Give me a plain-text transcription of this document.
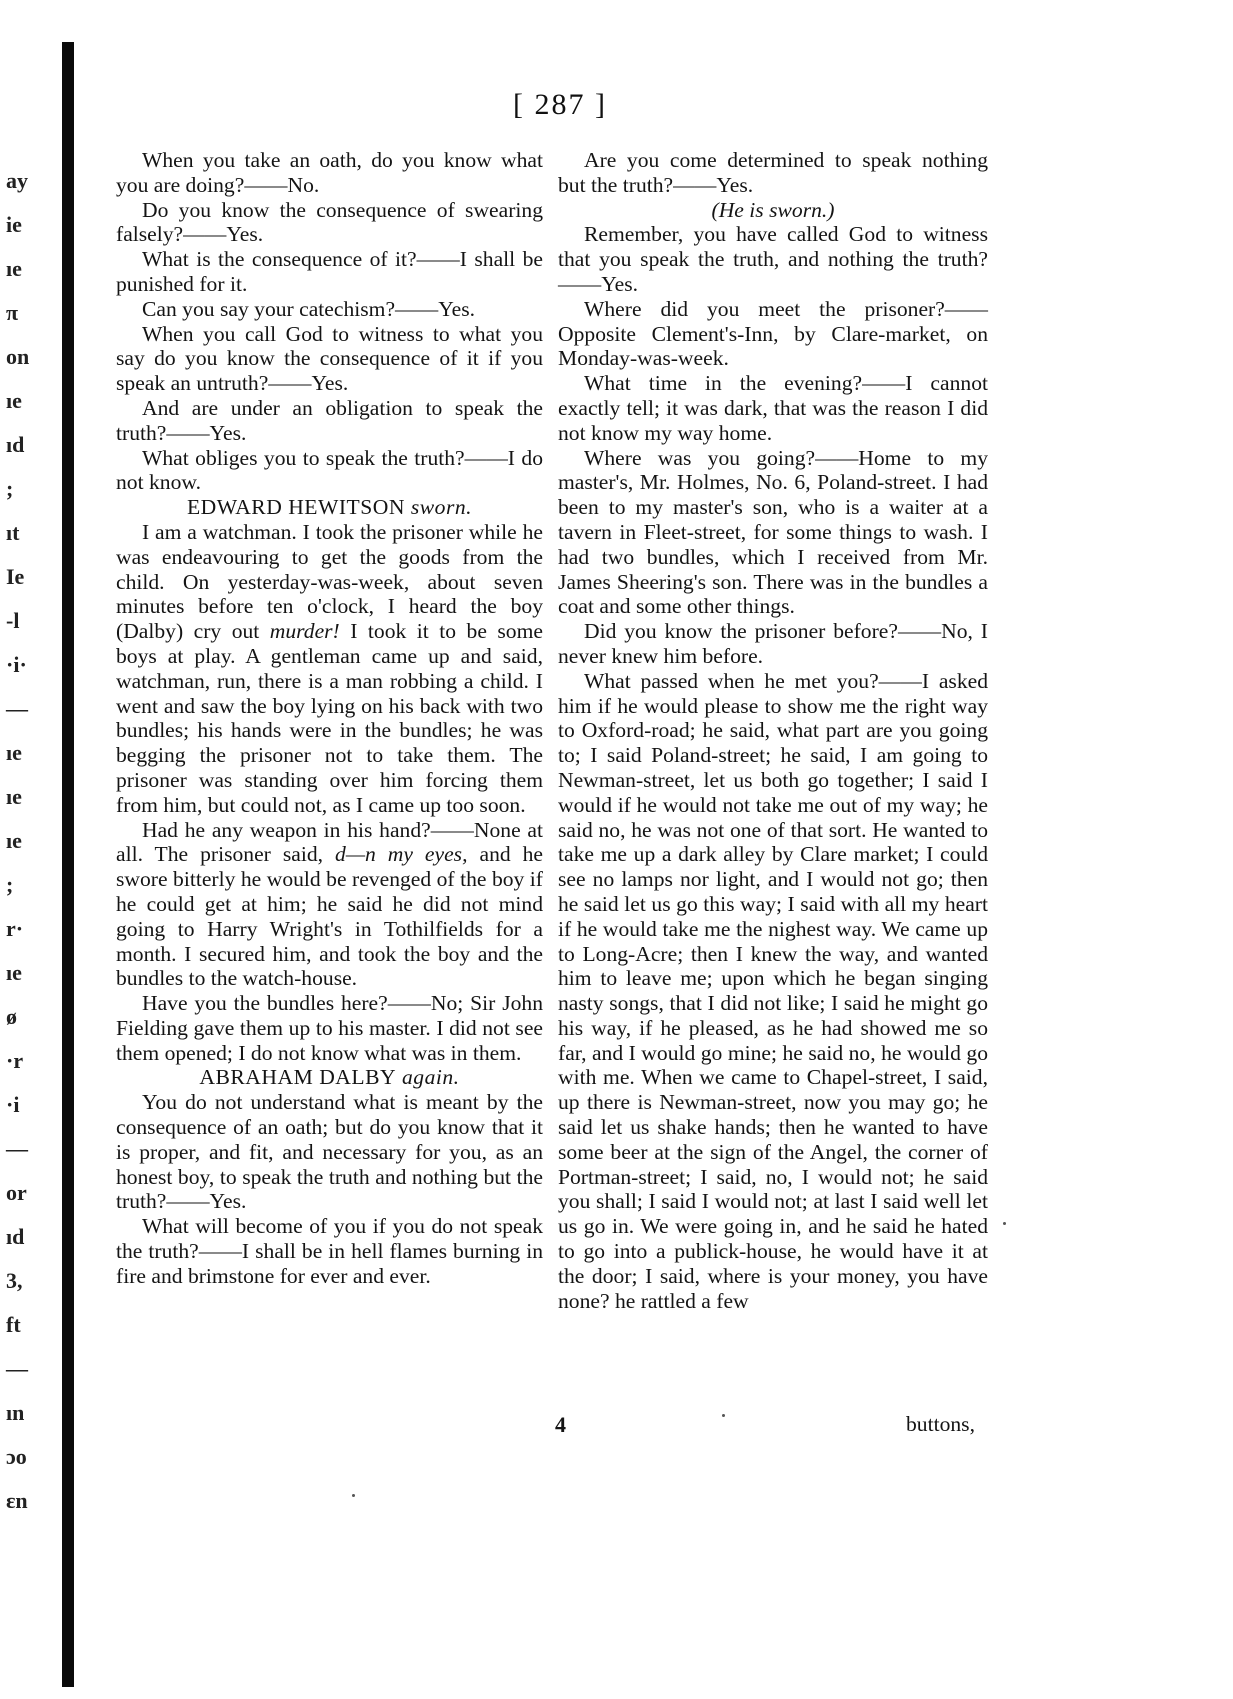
ay
ie
ıe
π
on
ıe
ıd
;
ıt
Ie
-l
·i·
—
ıe
ıe
ıe
;
r·
ıe
ø
·r
·i
—
or
ıd
3,
ft
—
ın
ɔo
ɛn
[ 287 ]

When you take an oath, do you know what you are doing?——No.

Do you know the consequence of swearing falsely?——Yes.

What is the consequence of it?——I shall be punished for it.

Can you say your catechism?——Yes.

When you call God to witness to what you say do you know the consequence of it if you speak an untruth?——Yes.

And are under an obligation to speak the truth?——Yes.

What obliges you to speak the truth?——I do not know.

EDWARD HEWITSON sworn.

I am a watchman. I took the prisoner while he was endeavouring to get the goods from the child. On yesterday-was-week, about seven minutes before ten o'clock, I heard the boy (Dalby) cry out murder! I took it to be some boys at play. A gentleman came up and said, watchman, run, there is a man robbing a child. I went and saw the boy lying on his back with two bundles; his hands were in the bundles; he was begging the prisoner not to take them. The prisoner was standing over him forcing them from him, but could not, as I came up too soon.

Had he any weapon in his hand?——None at all. The prisoner said, d—n my eyes, and he swore bitterly he would be revenged of the boy if he could get at him; he said he did not mind going to Harry Wright's in Tothilfields for a month. I secured him, and took the boy and the bundles to the watch-house.

Have you the bundles here?——No; Sir John Fielding gave them up to his master. I did not see them opened; I do not know what was in them.

ABRAHAM DALBY again.

You do not understand what is meant by the consequence of an oath; but do you know that it is proper, and fit, and necessary for you, as an honest boy, to speak the truth and nothing but the truth?——Yes.

What will become of you if you do not speak the truth?——I shall be in hell flames burning in fire and brimstone for ever and ever.

Are you come determined to speak nothing but the truth?——Yes.

(He is sworn.)

Remember, you have called God to witness that you speak the truth, and nothing the truth?——Yes.

Where did you meet the prisoner?——Opposite Clement's-Inn, by Clare-market, on Monday-was-week.

What time in the evening?——I cannot exactly tell; it was dark, that was the reason I did not know my way home.

Where was you going?——Home to my master's, Mr. Holmes, No. 6, Poland-street. I had been to my master's son, who is a waiter at a tavern in Fleet-street, for some things to wash. I had two bundles, which I received from Mr. James Sheering's son. There was in the bundles a coat and some other things.

Did you know the prisoner before?——No, I never knew him before.

What passed when he met you?——I asked him if he would please to show me the right way to Oxford-road; he said, what part are you going to; I said Poland-street; he said, I am going to Newman-street, let us both go together; I said I would if he would not take me out of my way; he said no, he was not one of that sort. He wanted to take me up a dark alley by Clare market; I could see no lamps nor light, and I would not go; then he said let us go this way; I said with all my heart if he would take me the nighest way. We came up to Long-Acre; then I knew the way, and wanted him to leave me; upon which he began singing nasty songs, that I did not like; I said he might go his way, if he pleased, as he had showed me so far, and I would go mine; he said no, he would go with me. When we came to Chapel-street, I said, up there is Newman-street, now you may go; he said let us shake hands; then he wanted to have some beer at the sign of the Angel, the corner of Portman-street; I said, no, I would not; he said you shall; I said I would not; at last I said well let us go in. We were going in, and he said he hated to go into a publick-house, he would have it at the door; I said, where is your money, you have none? he rattled a few

4	buttons,
